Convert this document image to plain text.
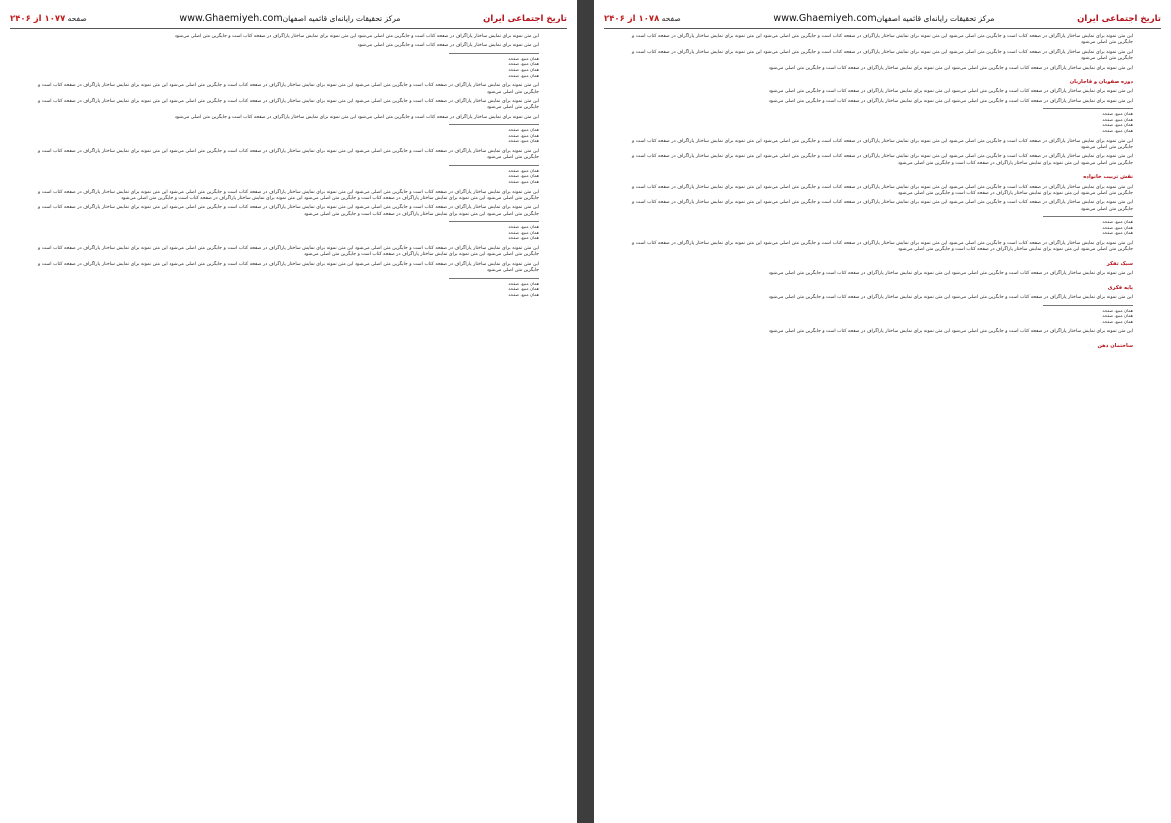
تاریخ اجتماعی ایران
مرکز تحقیقات رایانه‌ای قائمیه اصفهانwww.Ghaemiyeh.com
صفحه ۱۰۷۷ از ۲۴۰۶

این متن نمونه برای نمایش ساختار پاراگراف در صفحه کتاب است و جایگزین متن اصلی می‌شود این متن نمونه برای نمایش ساختار پاراگراف در صفحه کتاب است و جایگزین متن اصلی می‌شود

این متن نمونه برای نمایش ساختار پاراگراف در صفحه کتاب است و جایگزین متن اصلی می‌شود

همان منبع، صفحه

همان منبع، صفحه

همان منبع، صفحه

همان منبع، صفحه

این متن نمونه برای نمایش ساختار پاراگراف در صفحه کتاب است و جایگزین متن اصلی می‌شود این متن نمونه برای نمایش ساختار پاراگراف در صفحه کتاب است و جایگزین متن اصلی می‌شود این متن نمونه برای نمایش ساختار پاراگراف در صفحه کتاب است و جایگزین متن اصلی می‌شود

این متن نمونه برای نمایش ساختار پاراگراف در صفحه کتاب است و جایگزین متن اصلی می‌شود این متن نمونه برای نمایش ساختار پاراگراف در صفحه کتاب است و جایگزین متن اصلی می‌شود این متن نمونه برای نمایش ساختار پاراگراف در صفحه کتاب است و جایگزین متن اصلی می‌شود

این متن نمونه برای نمایش ساختار پاراگراف در صفحه کتاب است و جایگزین متن اصلی می‌شود این متن نمونه برای نمایش ساختار پاراگراف در صفحه کتاب است و جایگزین متن اصلی می‌شود

همان منبع، صفحه

همان منبع، صفحه

همان منبع، صفحه

این متن نمونه برای نمایش ساختار پاراگراف در صفحه کتاب است و جایگزین متن اصلی می‌شود این متن نمونه برای نمایش ساختار پاراگراف در صفحه کتاب است و جایگزین متن اصلی می‌شود این متن نمونه برای نمایش ساختار پاراگراف در صفحه کتاب است و جایگزین متن اصلی می‌شود

همان منبع، صفحه

همان منبع، صفحه

همان منبع، صفحه

این متن نمونه برای نمایش ساختار پاراگراف در صفحه کتاب است و جایگزین متن اصلی می‌شود این متن نمونه برای نمایش ساختار پاراگراف در صفحه کتاب است و جایگزین متن اصلی می‌شود این متن نمونه برای نمایش ساختار پاراگراف در صفحه کتاب است و جایگزین متن اصلی می‌شود این متن نمونه برای نمایش ساختار پاراگراف در صفحه کتاب است و جایگزین متن اصلی می‌شود این متن نمونه برای نمایش ساختار پاراگراف در صفحه کتاب است و جایگزین متن اصلی می‌شود

این متن نمونه برای نمایش ساختار پاراگراف در صفحه کتاب است و جایگزین متن اصلی می‌شود این متن نمونه برای نمایش ساختار پاراگراف در صفحه کتاب است و جایگزین متن اصلی می‌شود این متن نمونه برای نمایش ساختار پاراگراف در صفحه کتاب است و جایگزین متن اصلی می‌شود این متن نمونه برای نمایش ساختار پاراگراف در صفحه کتاب است و جایگزین متن اصلی می‌شود

همان منبع، صفحه

همان منبع، صفحه

همان منبع، صفحه

این متن نمونه برای نمایش ساختار پاراگراف در صفحه کتاب است و جایگزین متن اصلی می‌شود این متن نمونه برای نمایش ساختار پاراگراف در صفحه کتاب است و جایگزین متن اصلی می‌شود این متن نمونه برای نمایش ساختار پاراگراف در صفحه کتاب است و جایگزین متن اصلی می‌شود این متن نمونه برای نمایش ساختار پاراگراف در صفحه کتاب است و جایگزین متن اصلی می‌شود

این متن نمونه برای نمایش ساختار پاراگراف در صفحه کتاب است و جایگزین متن اصلی می‌شود این متن نمونه برای نمایش ساختار پاراگراف در صفحه کتاب است و جایگزین متن اصلی می‌شود این متن نمونه برای نمایش ساختار پاراگراف در صفحه کتاب است و جایگزین متن اصلی می‌شود

همان منبع، صفحه

همان منبع، صفحه

همان منبع، صفحه

تاریخ اجتماعی ایران
مرکز تحقیقات رایانه‌ای قائمیه اصفهانwww.Ghaemiyeh.com
صفحه ۱۰۷۸ از ۲۴۰۶

این متن نمونه برای نمایش ساختار پاراگراف در صفحه کتاب است و جایگزین متن اصلی می‌شود این متن نمونه برای نمایش ساختار پاراگراف در صفحه کتاب است و جایگزین متن اصلی می‌شود این متن نمونه برای نمایش ساختار پاراگراف در صفحه کتاب است و جایگزین متن اصلی می‌شود

این متن نمونه برای نمایش ساختار پاراگراف در صفحه کتاب است و جایگزین متن اصلی می‌شود این متن نمونه برای نمایش ساختار پاراگراف در صفحه کتاب است و جایگزین متن اصلی می‌شود این متن نمونه برای نمایش ساختار پاراگراف در صفحه کتاب است و جایگزین متن اصلی می‌شود

این متن نمونه برای نمایش ساختار پاراگراف در صفحه کتاب است و جایگزین متن اصلی می‌شود این متن نمونه برای نمایش ساختار پاراگراف در صفحه کتاب است و جایگزین متن اصلی می‌شود

دوره صفویان و قاجاریان

این متن نمونه برای نمایش ساختار پاراگراف در صفحه کتاب است و جایگزین متن اصلی می‌شود این متن نمونه برای نمایش ساختار پاراگراف در صفحه کتاب است و جایگزین متن اصلی می‌شود

این متن نمونه برای نمایش ساختار پاراگراف در صفحه کتاب است و جایگزین متن اصلی می‌شود این متن نمونه برای نمایش ساختار پاراگراف در صفحه کتاب است و جایگزین متن اصلی می‌شود

همان منبع، صفحه

همان منبع، صفحه

همان منبع، صفحه

همان منبع، صفحه

این متن نمونه برای نمایش ساختار پاراگراف در صفحه کتاب است و جایگزین متن اصلی می‌شود این متن نمونه برای نمایش ساختار پاراگراف در صفحه کتاب است و جایگزین متن اصلی می‌شود این متن نمونه برای نمایش ساختار پاراگراف در صفحه کتاب است و جایگزین متن اصلی می‌شود

این متن نمونه برای نمایش ساختار پاراگراف در صفحه کتاب است و جایگزین متن اصلی می‌شود این متن نمونه برای نمایش ساختار پاراگراف در صفحه کتاب است و جایگزین متن اصلی می‌شود این متن نمونه برای نمایش ساختار پاراگراف در صفحه کتاب است و جایگزین متن اصلی می‌شود این متن نمونه برای نمایش ساختار پاراگراف در صفحه کتاب است و جایگزین متن اصلی می‌شود

نقش تربیت خانواده

این متن نمونه برای نمایش ساختار پاراگراف در صفحه کتاب است و جایگزین متن اصلی می‌شود این متن نمونه برای نمایش ساختار پاراگراف در صفحه کتاب است و جایگزین متن اصلی می‌شود این متن نمونه برای نمایش ساختار پاراگراف در صفحه کتاب است و جایگزین متن اصلی می‌شود این متن نمونه برای نمایش ساختار پاراگراف در صفحه کتاب است و جایگزین متن اصلی می‌شود

این متن نمونه برای نمایش ساختار پاراگراف در صفحه کتاب است و جایگزین متن اصلی می‌شود این متن نمونه برای نمایش ساختار پاراگراف در صفحه کتاب است و جایگزین متن اصلی می‌شود این متن نمونه برای نمایش ساختار پاراگراف در صفحه کتاب است و جایگزین متن اصلی می‌شود

همان منبع، صفحه

همان منبع، صفحه

همان منبع، صفحه

این متن نمونه برای نمایش ساختار پاراگراف در صفحه کتاب است و جایگزین متن اصلی می‌شود این متن نمونه برای نمایش ساختار پاراگراف در صفحه کتاب است و جایگزین متن اصلی می‌شود این متن نمونه برای نمایش ساختار پاراگراف در صفحه کتاب است و جایگزین متن اصلی می‌شود این متن نمونه برای نمایش ساختار پاراگراف در صفحه کتاب است و جایگزین متن اصلی می‌شود

سبک تفکر

این متن نمونه برای نمایش ساختار پاراگراف در صفحه کتاب است و جایگزین متن اصلی می‌شود این متن نمونه برای نمایش ساختار پاراگراف در صفحه کتاب است و جایگزین متن اصلی می‌شود

پایه فکری

این متن نمونه برای نمایش ساختار پاراگراف در صفحه کتاب است و جایگزین متن اصلی می‌شود این متن نمونه برای نمایش ساختار پاراگراف در صفحه کتاب است و جایگزین متن اصلی می‌شود

همان منبع، صفحه

همان منبع، صفحه

همان منبع، صفحه

این متن نمونه برای نمایش ساختار پاراگراف در صفحه کتاب است و جایگزین متن اصلی می‌شود این متن نمونه برای نمایش ساختار پاراگراف در صفحه کتاب است و جایگزین متن اصلی می‌شود

ساختمان ذهن
